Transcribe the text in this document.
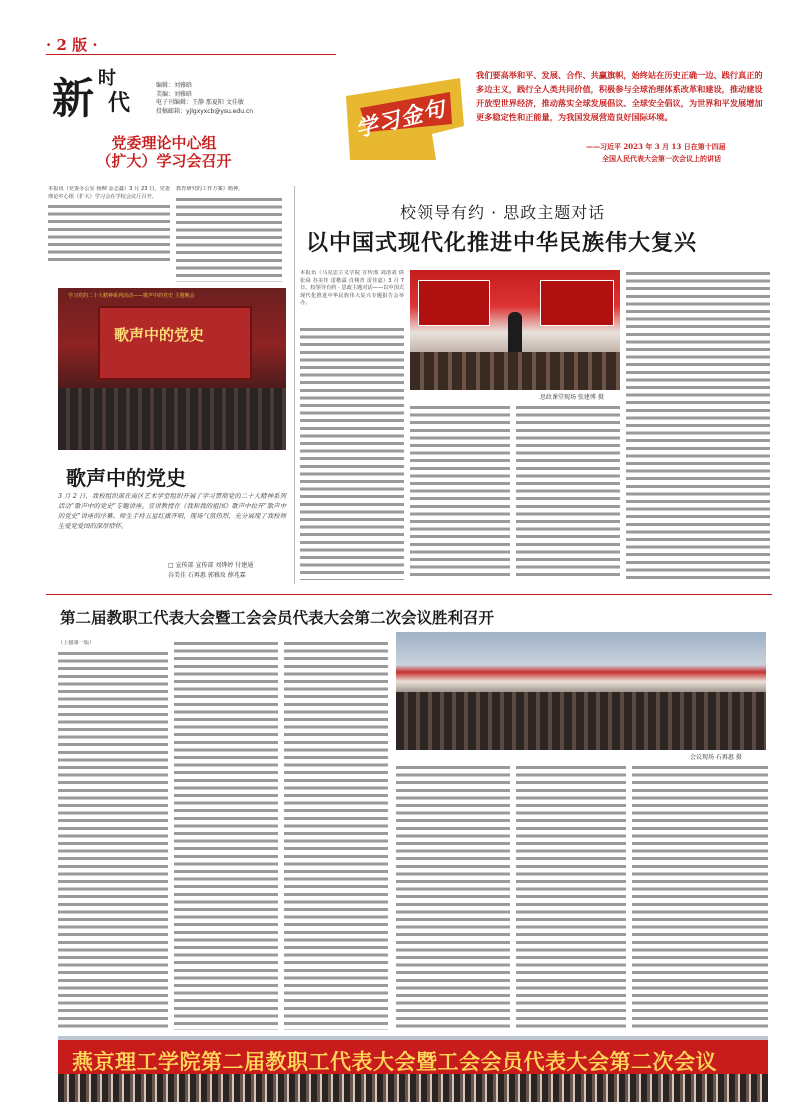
· 2 版 ·
新 时
代
编辑：刘雅晗
美编：刘雅晗
电子刊编辑：王静 那夏阳 文佳敏
投稿邮箱：yjlgxyxcb@ysu.edu.cn	学习金句
我们要高举和平、发展、合作、共赢旗帜，始终站在历史正确一边、践行真正的多边主义，践行全人类共同价值，积极参与全球治理体系改革和建设，推动建设开放型世界经济，推动落实全球发展倡议、全球安全倡议，为世界和平发展增加更多稳定性和正能量，为我国发展营造良好国际环境。
——习近平 2023 年 3 月 13 日在第十四届
全国人民代表大会第一次会议上的讲话
党委理论中心组
（扩大）学习会召开
本报讯（党委办公室 杨柳 金志鑫）3 月 23 日，党委理论中心组（扩大）学习会在学校会议厅召开。
教育研究的工作方案》精神。
学习党的二十大精神系列活动——歌声中的党史 主题晚会
歌声中的党史
歌声中的党史
3 月 2 日，我校组织部在南区艺术学堂组织开展了学习贯彻党的二十大精神系列活动“歌声中的党史”专题讲座。宣讲教授在《我和我的祖国》歌声中拉开“歌声中的党史”讲座的序幕。师生手持五星红旗齐唱，现场气氛热烈，充分展现了我校师生爱党爱国的深厚情怀。
□ 宣传部 宣传部 刘烨婷 付建通
谷美佳 石再惠 郭雅玫 薛兆霖
校领导有约 · 思政主题对话
以中国式现代化推进中华民族伟大复兴
本报讯（马克思主义学院 宣传部 刘清刘 倩 张舜 谷美佳 雷楷霖 肖栩青 雷佳嘉）3 月 7 日，校领导有约 · 思政主题对话——以中国式现代化推进中华民族伟大复兴专题报告会举办。
思政课堂现场 张建博 摄
第二届教职工代表大会暨工会会员代表大会第二次会议胜利召开
（上接第一版）
会议现场 石再惠 摄
燕京理工学院第二届教职工代表大会暨工会会员代表大会第二次会议
